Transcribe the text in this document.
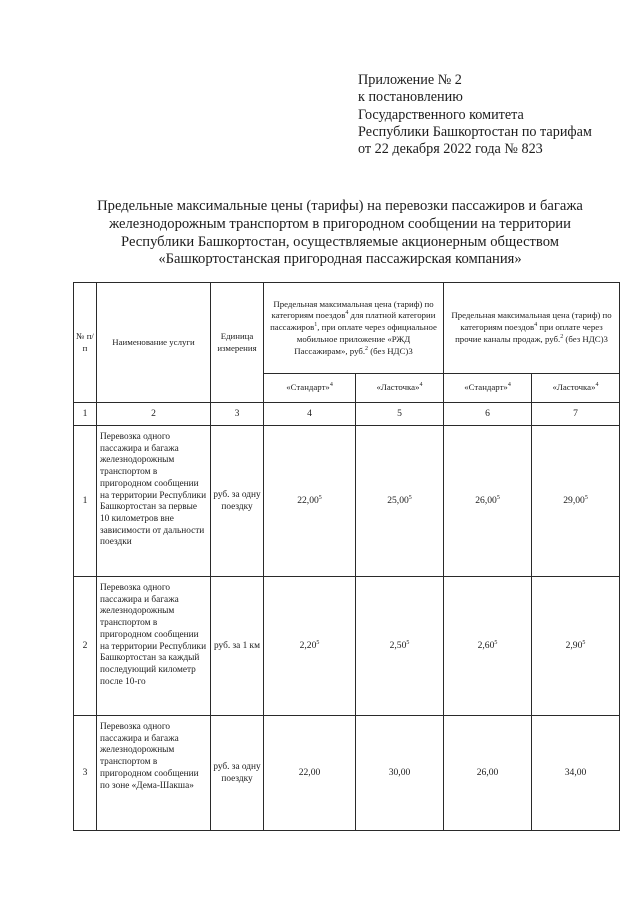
Приложение № 2
к постановлению
Государственного комитета
Республики Башкортостан по тарифам
от 22 декабря 2022 года № 823
Предельные максимальные цены (тарифы) на перевозки пассажиров и багажа
железнодорожным транспортом в пригородном сообщении на территории
Республики Башкортостан, осуществляемые акционерным обществом
«Башкортостанская пригородная пассажирская компания»
№ п/п	Наименование услуги	Единица измерения	Предельная максимальная цена (тариф) по категориям поездов$^4$ для платной категории пассажиров$^1$, при оплате через официальное мобильное приложение «РЖД Пассажирам», руб.$^2$ (без НДС)3		Предельная максимальная цена (тариф) по категориям поездов$^4$ при оплате через прочие каналы продаж, руб.$^2$ (без НДС)3	
			«Стандарт»$^4$	«Ласточка»$^4$	«Стандарт»$^4$	«Ласточка»$^4$
1	2	3	4	5	6	7
1	Перевозка одного пассажира и багажа железнодорожным транспортом в пригородном сообщении на территории Республики Башкортостан за первые 10 километров вне зависимости от дальности поездки	руб. за одну поездку	22,00$^5$	25,00$^5$	26,00$^5$	29,00$^5$
2	Перевозка одного пассажира и багажа железнодорожным транспортом в пригородном сообщении на территории Республики Башкортостан за каждый последующий километр после 10-го	руб. за 1 км	2,20$^5$	2,50$^5$	2,60$^5$	2,90$^5$
3	Перевозка одного пассажира и багажа железнодорожным транспортом в пригородном сообщении по зоне «Дема-Шакша»	руб. за одну поездку	22,00	30,00	26,00	34,00
